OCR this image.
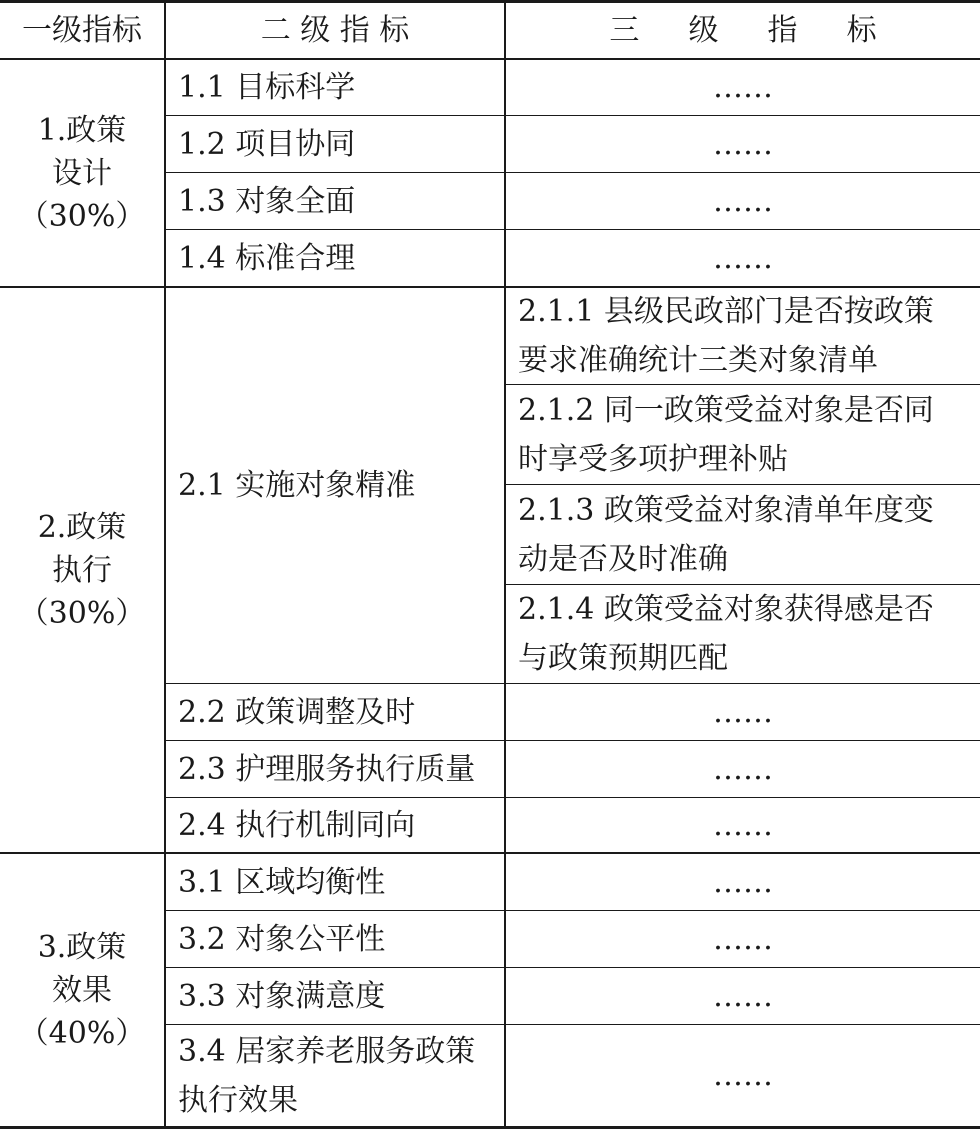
一级指标	二 级 指 标	三 　 级 　 指 　 标
1.政策
设计
（30%）
1.1 目标科学
1.2 项目协同
1.3 对象全面
1.4 标准合理
……
……
……
……
2.政策
执行
（30%）
2.1 实施对象精准
2.1.1 县级民政部门是否按政策
要求准确统计三类对象清单
2.1.2 同一政策受益对象是否同
时享受多项护理补贴
2.1.3 政策受益对象清单年度变
动是否及时准确
2.1.4 政策受益对象获得感是否
与政策预期匹配
2.2 政策调整及时
2.3 护理服务执行质量
2.4 执行机制同向
……
……
……
3.政策
效果
（40%）
3.1 区域均衡性
3.2 对象公平性
3.3 对象满意度
3.4 居家养老服务政策
执行效果
……
……
……
……
